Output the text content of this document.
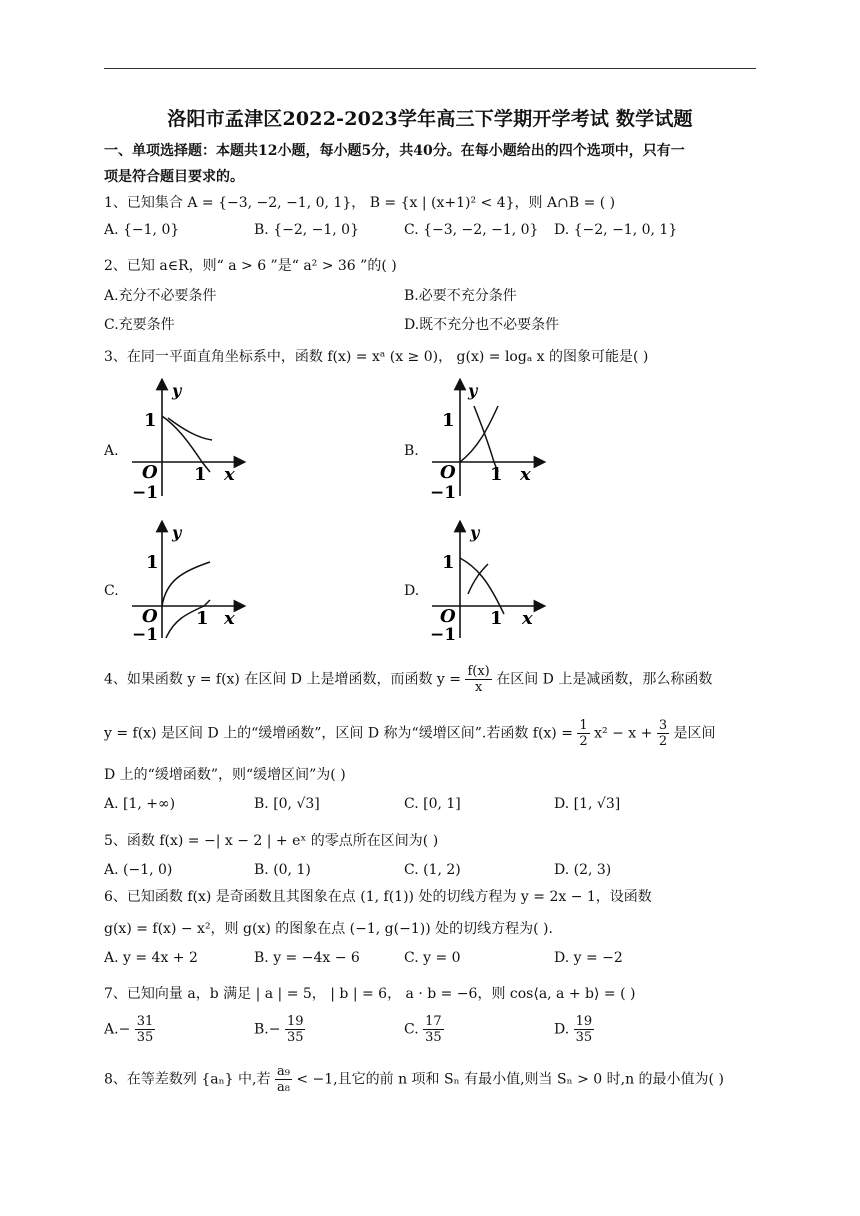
洛阳市孟津区2022-2023学年高三下学期开学考试 数学试题
一、单项选择题：本题共12小题，每小题5分，共40分。在每小题给出的四个选项中，只有一
项是符合题目要求的。
1、已知集合 A = {−3, −2, −1, 0, 1}， B = {x | (x+1)² < 4}，则 A∩B = ( )
A. {−1, 0}	B. {−2, −1, 0}	C. {−3, −2, −1, 0} D. {−2, −1, 0, 1}
2、已知 a∈R，则“ a > 6 ”是“ a² > 36 ”的( )
A.充分不必要条件	B.必要不充分条件
C.充要条件	D.既不充分也不必要条件
3、在同一平面直角坐标系中，函数 f(x) = xᵃ (x ≥ 0)， g(x) = logₐ x 的图象可能是( )
A.	B.
C.	D.
y
1
O 1 x
−1
y
1
O 1 x
−1
y
1
O 1 x
−1
y
1
O 1 x
−1
4、如果函数 y = f(x) 在区间 D 上是增函数，而函数 $y = \frac{f(x)}{x}$ 在区间 D 上是减函数，那么称函数
y = f(x) 是区间 D 上的“缓增函数”，区间 D 称为“缓增区间”.若函数 $f(x) = \frac{1}{2} x^2 - x + \frac{3}{2}$ 是区间
D 上的“缓增函数”，则“缓增区间”为( )
A. [1, +∞)	B. [0, √3]	C. [0, 1]	D. [1, √3]
5、函数 f(x) = −| x − 2 | + eˣ 的零点所在区间为( )
A. (−1, 0)	B. (0, 1)	C. (1, 2)	D. (2, 3)
6、已知函数 f(x) 是奇函数且其图象在点 (1, f(1)) 处的切线方程为 y = 2x − 1，设函数
g(x) = f(x) − x²，则 g(x) 的图象在点 (−1, g(−1)) 处的切线方程为( ).
A. y = 4x + 2	B. y = −4x − 6	C. y = 0	D. y = −2
7、已知向量 a，b 满足 | a | = 5， | b | = 6， a · b = −6，则 cos⟨a, a + b⟩ = ( )
$A.- \frac{31}{35}$	$B.- \frac{19}{35}$	C. $\frac{17}{35}$	D. $\frac{19}{35}$
8、在等差数列 {aₙ} 中,若 $\frac{\text{a₉}}{\text{a₈}} < -1$,且它的前 n 项和 Sₙ 有最小值,则当 Sₙ > 0 时,n 的最小值为( )
